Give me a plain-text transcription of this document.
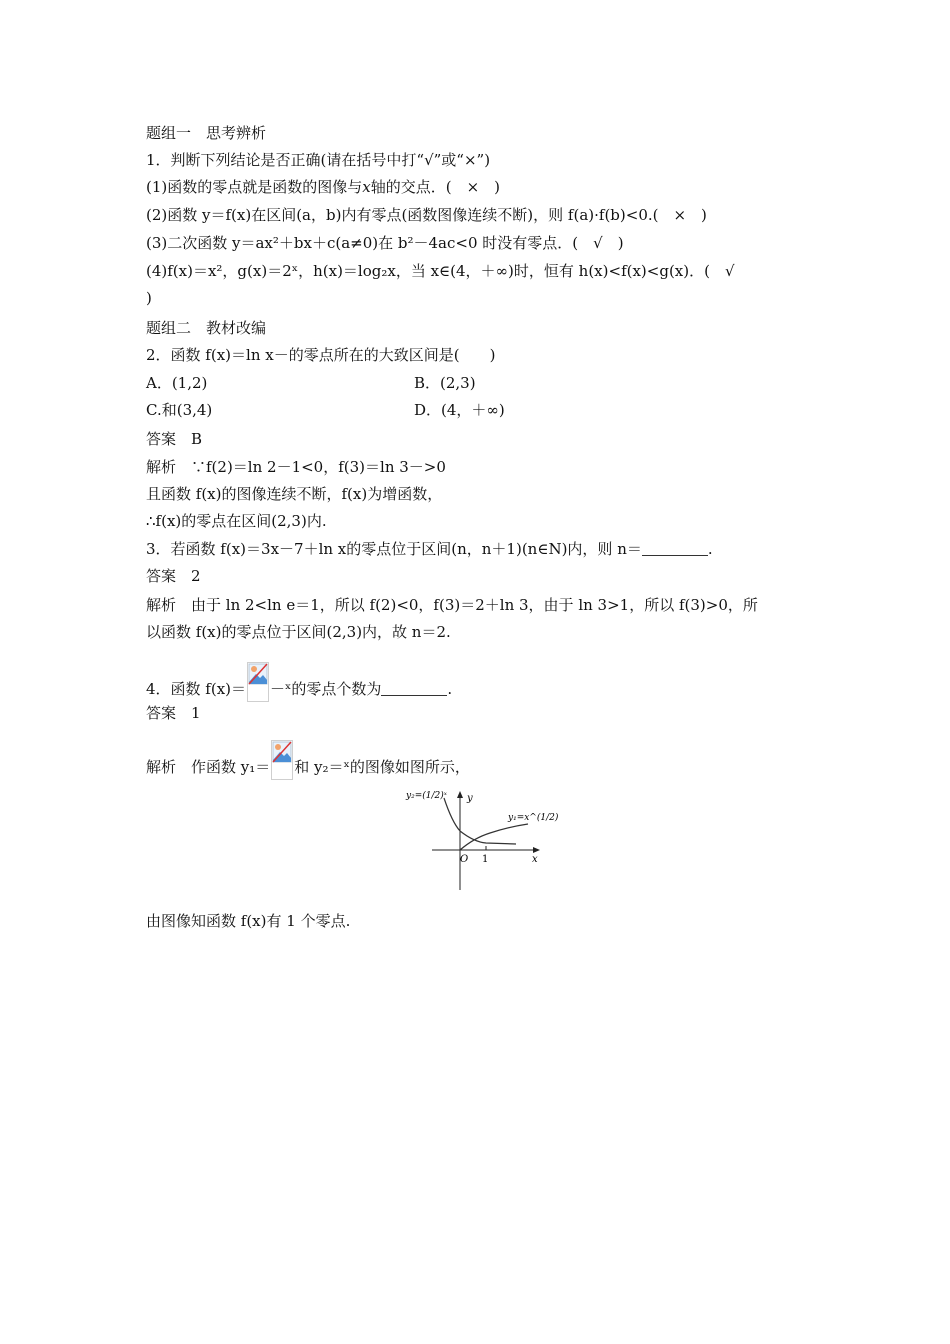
题组一　思考辨析
1．判断下列结论是否正确(请在括号中打“√”或“×”)
(1)函数的零点就是函数的图像与x轴的交点．(　×　)
(2)函数 y＝f(x)在区间(a，b)内有零点(函数图像连续不断)，则 f(a)·f(b)<0.(　×　)
(3)二次函数 y＝ax²＋bx＋c(a≠0)在 b²－4ac<0 时没有零点．(　√　)
(4)f(x)＝x²，g(x)＝2ˣ，h(x)＝log₂x，当 x∈(4，＋∞)时，恒有 h(x)<f(x)<g(x)．(　√
)
题组二　教材改编
2．函数 f(x)＝ln x－的零点所在的大致区间是(　　)
A．(1,2)	B．(2,3)
C.和(3,4)	D．(4，＋∞)
答案　B
解析　∵f(2)＝ln 2－1<0，f(3)＝ln 3－>0
且函数 f(x)的图像连续不断，f(x)为增函数，
∴f(x)的零点在区间(2,3)内.
3．若函数 f(x)＝3x－7＋ln x的零点位于区间(n，n＋1)(n∈N)内，则 n＝	.
答案　2
解析　由于 ln 2<ln e＝1，所以 f(2)<0，f(3)＝2＋ln 3，由于 ln 3>1，所以 f(3)>0，所
以函数 f(x)的零点位于区间(2,3)内，故 n＝2.
4．函数 f(x)＝ －ˣ的零点个数为	.
答案　1
解析　作函数 y₁＝ 和 y₂＝ˣ的图像如图所示，
y₂=(1/2)ˣ
y₁=x^(1/2)
y
x
O 1
由图像知函数 f(x)有 1 个零点.
